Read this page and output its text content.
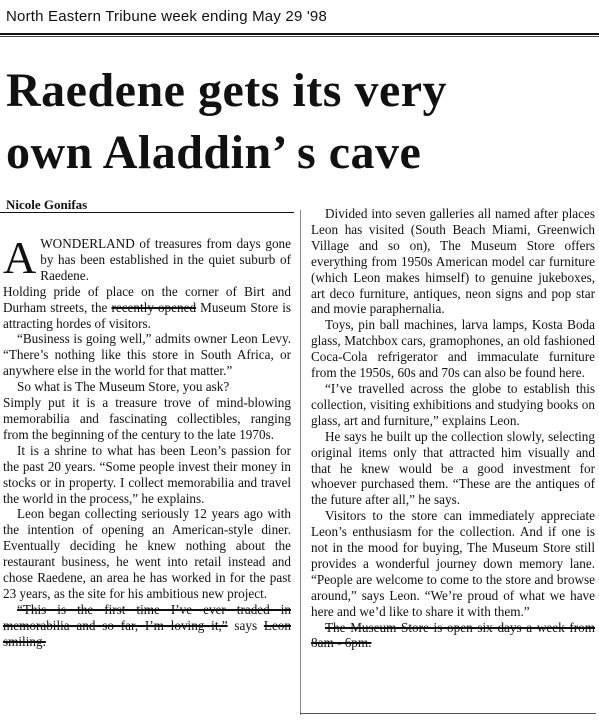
North Eastern Tribune week ending May 29 '98
Raedene gets its very
own Aladdin’ s cave
Nicole Gonifas
A WONDERLAND of treasures from days gone by has been established in the quiet suburb of Raedene.

Holding pride of place on the corner of Birt and Durham streets, the recently opened Museum Store is attracting hordes of visitors.

“Business is going well,” admits owner Leon Levy. “There’s nothing like this store in South Africa, or anywhere else in the world for that matter.”

So what is The Museum Store, you ask?

Simply put it is a treasure trove of mind-blowing memorabilia and fascinating collectibles, ranging from the beginning of the century to the late 1970s.

It is a shrine to what has been Leon’s passion for the past 20 years. “Some people invest their money in stocks or in property. I collect memorabilia and travel the world in the process,” he explains.

Leon began collecting seriously 12 years ago with the intention of opening an American-style diner. Eventually deciding he knew nothing about the restaurant business, he went into retail instead and chose Raedene, an area he has worked in for the past 23 years, as the site for his ambitious new project.

“This is the first time I’ve ever traded in memorabilia and so far, I’m loving it,” says Leon smiling.

Divided into seven galleries all named after places Leon has visited (South Beach Miami, Greenwich Village and so on), The Museum Store offers everything from 1950s American model car furniture (which Leon makes himself) to genuine jukeboxes, art deco furniture, antiques, neon signs and pop star and movie paraphernalia.

Toys, pin ball machines, larva lamps, Kosta Boda glass, Matchbox cars, gramophones, an old fashioned Coca-Cola refrigerator and immaculate furniture from the 1950s, 60s and 70s can also be found here.

“I’ve travelled across the globe to establish this collection, visiting exhibitions and studying books on glass, art and furniture,” explains Leon.

He says he built up the collection slowly, selecting original items only that attracted him visually and that he knew would be a good investment for whoever purchased them. “These are the antiques of the future after all,” he says.

Visitors to the store can immediately appreciate Leon’s enthusiasm for the collection. And if one is not in the mood for buying, The Museum Store still provides a wonderful journey down memory lane. “People are welcome to come to the store and browse around,” says Leon. “We’re proud of what we have here and we’d like to share it with them.”

The Museum Store is open six days a week from 8am - 6pm.
